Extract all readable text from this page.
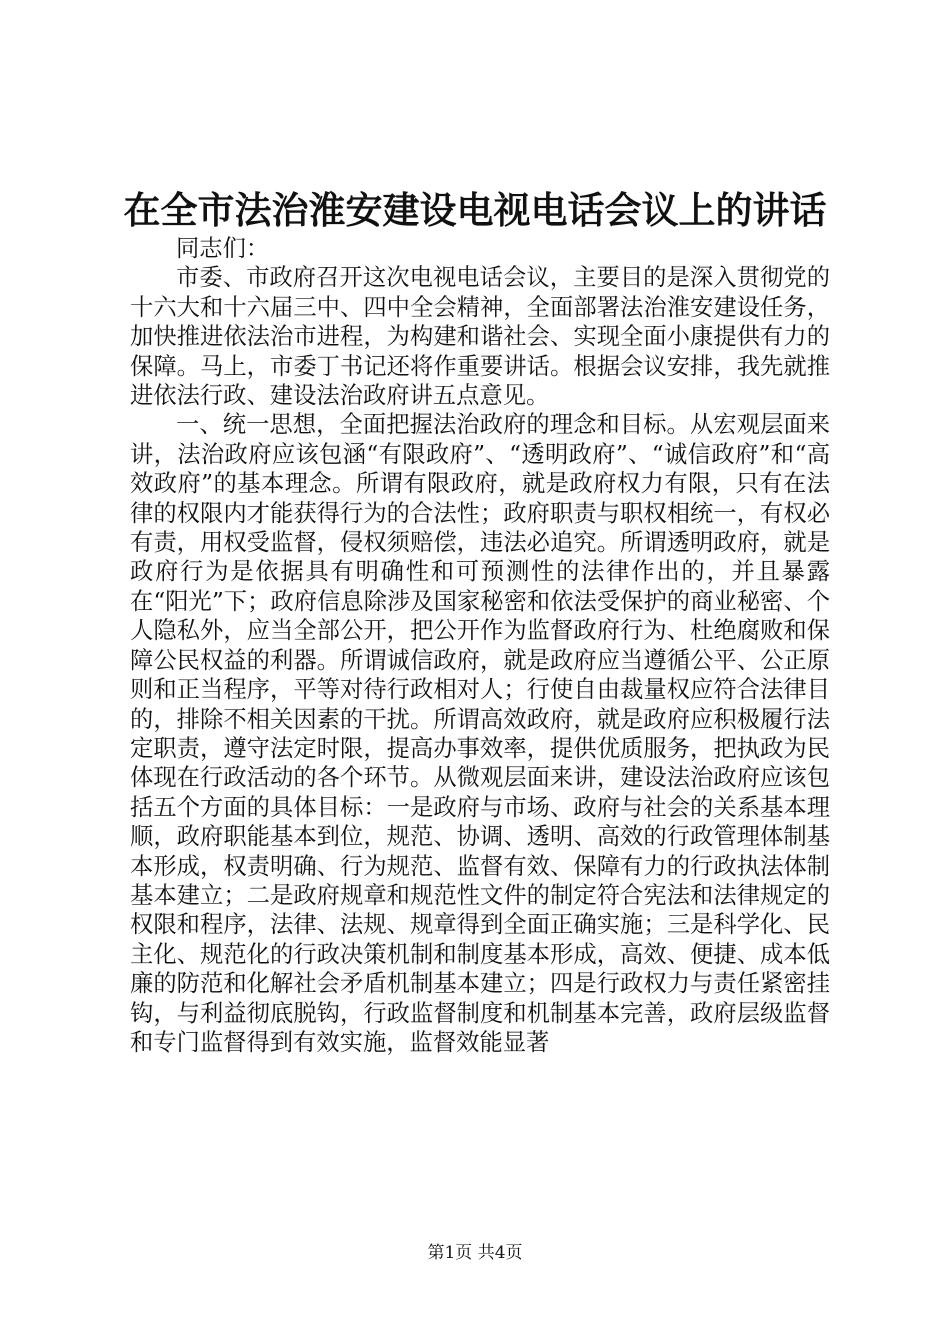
在全市法治淮安建设电视电话会议上的讲话

同志们：

市委、市政府召开这次电视电话会议，主要目的是深入贯彻党的十六大和十六届三中、四中全会精神，全面部署法治淮安建设任务，加快推进依法治市进程，为构建和谐社会、实现全面小康提供有力的保障。马上，市委丁书记还将作重要讲话。根据会议安排，我先就推进依法行政、建设法治政府讲五点意见。

一、统一思想，全面把握法治政府的理念和目标。从宏观层面来讲，法治政府应该包涵“有限政府”、“透明政府”、“诚信政府”和“高效政府”的基本理念。所谓有限政府，就是政府权力有限，只有在法律的权限内才能获得行为的合法性；政府职责与职权相统一，有权必有责，用权受监督，侵权须赔偿，违法必追究。所谓透明政府，就是政府行为是依据具有明确性和可预测性的法律作出的，并且暴露在“阳光”下；政府信息除涉及国家秘密和依法受保护的商业秘密、个人隐私外，应当全部公开，把公开作为监督政府行为、杜绝腐败和保障公民权益的利器。所谓诚信政府，就是政府应当遵循公平、公正原则和正当程序，平等对待行政相对人；行使自由裁量权应符合法律目的，排除不相关因素的干扰。所谓高效政府，就是政府应积极履行法定职责，遵守法定时限，提高办事效率，提供优质服务，把执政为民体现在行政活动的各个环节。从微观层面来讲，建设法治政府应该包括五个方面的具体目标：一是政府与市场、政府与社会的关系基本理顺，政府职能基本到位，规范、协调、透明、高效的行政管理体制基本形成，权责明确、行为规范、监督有效、保障有力的行政执法体制基本建立；二是政府规章和规范性文件的制定符合宪法和法律规定的权限和程序，法律、法规、规章得到全面正确实施；三是科学化、民主化、规范化的行政决策机制和制度基本形成，高效、便捷、成本低廉的防范和化解社会矛盾机制基本建立；四是行政权力与责任紧密挂钩，与利益彻底脱钩，行政监督制度和机制基本完善，政府层级监督和专门监督得到有效实施，监督效能显著

第1页 共4页
